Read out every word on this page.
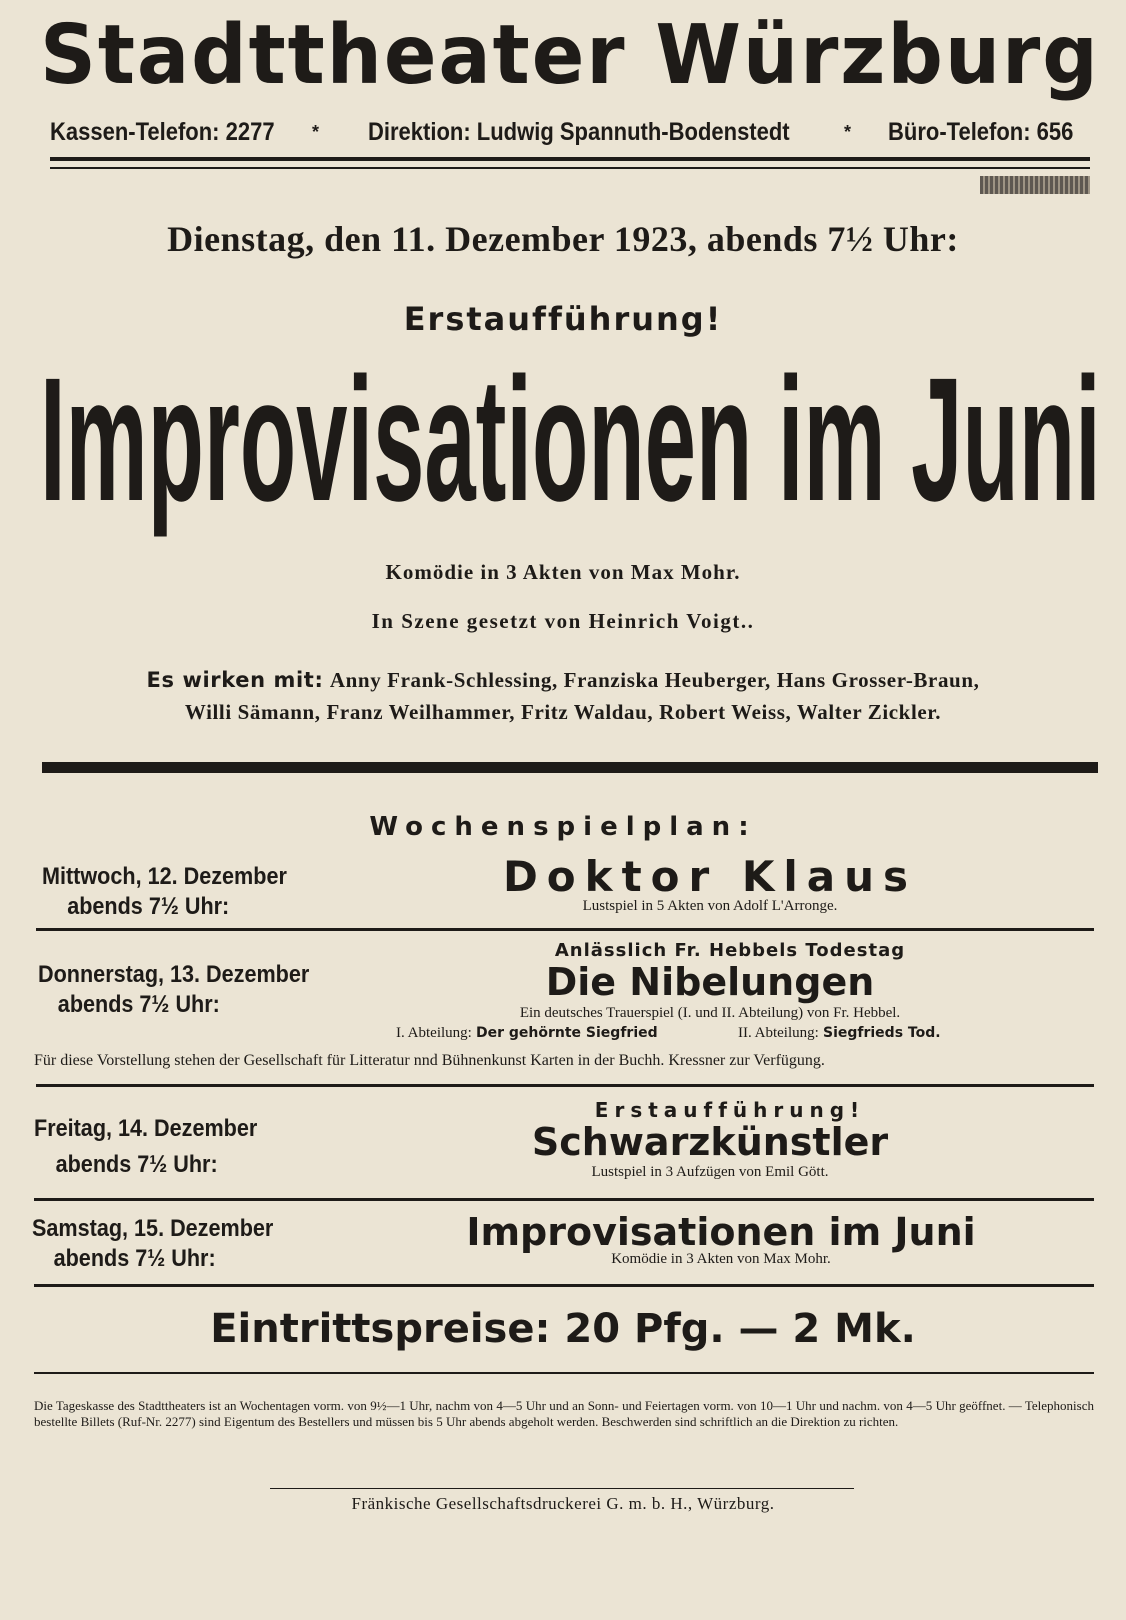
Stadttheater Würzburg
Kassen-Telefon: 2277 * Direktion: Ludwig Spannuth-Bodenstedt	* Büro-Telefon: 656
Dienstag, den 11. Dezember 1923, abends 7½ Uhr:
Erstaufführung!
Improvisationen im Juni
Komödie in 3 Akten von Max Mohr.
In Szene gesetzt von Heinrich Voigt..
Es wirken mit: Anny Frank-Schlessing, Franziska Heuberger, Hans Grosser-Braun,
Willi Sämann, Franz Weilhammer, Fritz Waldau, Robert Weiss, Walter Zickler.
Wochenspielplan:
Mittwoch, 12. Dezember
abends 7½ Uhr:
Doktor Klaus
Lustspiel in 5 Akten von Adolf L'Arronge.
Donnerstag, 13. Dezember
abends 7½ Uhr:
Anlässlich Fr. Hebbels Todestag
Die Nibelungen
Ein deutsches Trauerspiel (I. und II. Abteilung) von Fr. Hebbel.
I. Abteilung: Der gehörnte Siegfried	II. Abteilung: Siegfrieds Tod.
Für diese Vorstellung stehen der Gesellschaft für Litteratur nnd Bühnenkunst Karten in der Buchh. Kressner zur Verfügung.
Freitag, 14. Dezember
abends 7½ Uhr:
Erstaufführung!
Schwarzkünstler
Lustspiel in 3 Aufzügen von Emil Gött.
Samstag, 15. Dezember
abends 7½ Uhr:
Improvisationen im Juni
Komödie in 3 Akten von Max Mohr.
Eintrittspreise: 20 Pfg. — 2 Mk.
Die Tageskasse des Stadttheaters ist an Wochentagen vorm. von 9½—1 Uhr, nachm von 4—5 Uhr und an Sonn- und Feiertagen vorm. von 10—1 Uhr und nachm. von 4—5 Uhr geöffnet. — Telephonisch bestellte Billets (Ruf-Nr. 2277) sind Eigentum des Bestellers und müssen bis 5 Uhr abends abgeholt werden. Beschwerden sind schriftlich an die Direktion zu richten.
Fränkische Gesellschaftsdruckerei G. m. b. H., Würzburg.
